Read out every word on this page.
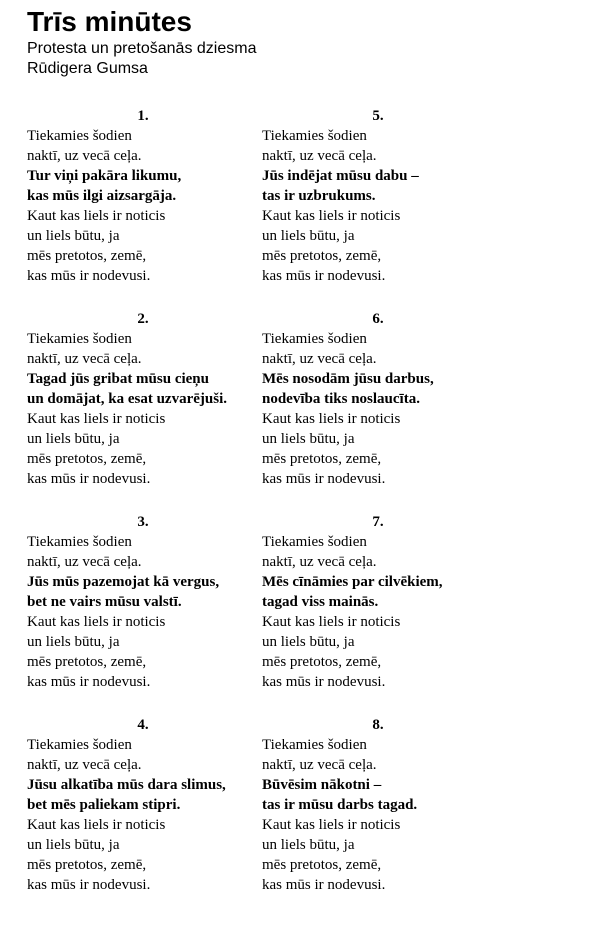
Trīs minūtes
Protesta un pretošanās dziesma
Rūdigera Gumsa
1.
Tiekamies šodien
naktī, uz vecā ceļa.
Tur viņi pakāra likumu,
kas mūs ilgi aizsargāja.
Kaut kas liels ir noticis
un liels būtu, ja
mēs pretotos, zemē,
kas mūs ir nodevusi.
2.
Tiekamies šodien
naktī, uz vecā ceļa.
Tagad jūs gribat mūsu cieņu
un domājat, ka esat uzvarējuši.
Kaut kas liels ir noticis
un liels būtu, ja
mēs pretotos, zemē,
kas mūs ir nodevusi.
3.
Tiekamies šodien
naktī, uz vecā ceļa.
Jūs mūs pazemojat kā vergus,
bet ne vairs mūsu valstī.
Kaut kas liels ir noticis
un liels būtu, ja
mēs pretotos, zemē,
kas mūs ir nodevusi.
4.
Tiekamies šodien
naktī, uz vecā ceļa.
Jūsu alkatība mūs dara slimus,
bet mēs paliekam stipri.
Kaut kas liels ir noticis
un liels būtu, ja
mēs pretotos, zemē,
kas mūs ir nodevusi.
5.
Tiekamies šodien
naktī, uz vecā ceļa.
Jūs indējat mūsu dabu –
tas ir uzbrukums.
Kaut kas liels ir noticis
un liels būtu, ja
mēs pretotos, zemē,
kas mūs ir nodevusi.
6.
Tiekamies šodien
naktī, uz vecā ceļa.
Mēs nosodām jūsu darbus,
nodevība tiks noslaucīta.
Kaut kas liels ir noticis
un liels būtu, ja
mēs pretotos, zemē,
kas mūs ir nodevusi.
7.
Tiekamies šodien
naktī, uz vecā ceļa.
Mēs cīnāmies par cilvēkiem,
tagad viss mainās.
Kaut kas liels ir noticis
un liels būtu, ja
mēs pretotos, zemē,
kas mūs ir nodevusi.
8.
Tiekamies šodien
naktī, uz vecā ceļa.
Būvēsim nākotni –
tas ir mūsu darbs tagad.
Kaut kas liels ir noticis
un liels būtu, ja
mēs pretotos, zemē,
kas mūs ir nodevusi.
